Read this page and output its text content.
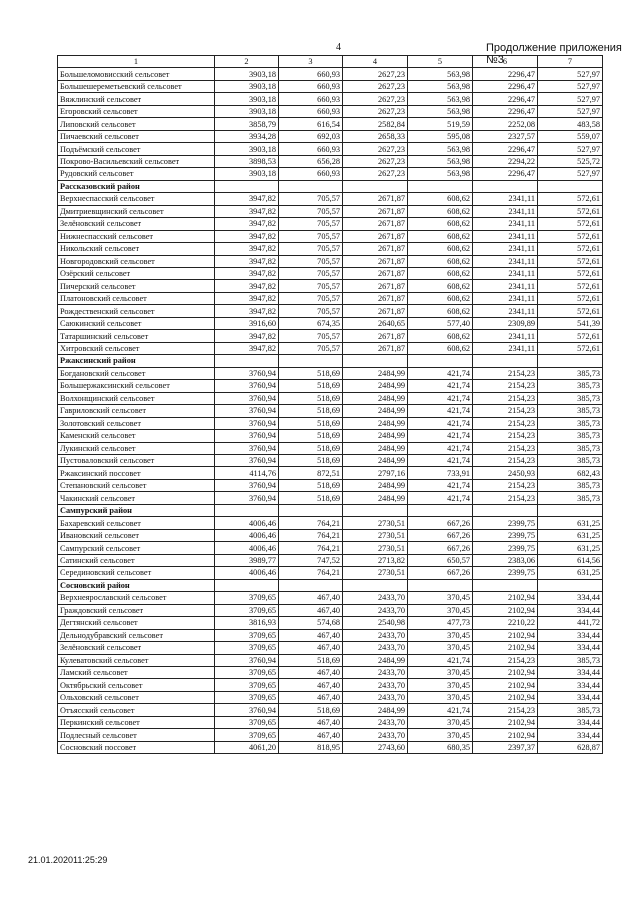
4	Продолжение приложения №3
1	2	3	4	5	6	7
Большеломовисский сельсовет	3903,18	660,93	2627,23	563,98	2296,47	527,97
Большешереметьевский сельсовет	3903,18	660,93	2627,23	563,98	2296,47	527,97
Вяжлинский сельсовет	3903,18	660,93	2627,23	563,98	2296,47	527,97
Егоровский сельсовет	3903,18	660,93	2627,23	563,98	2296,47	527,97
Липовский сельсовет	3858,79	616,54	2582,84	519,59	2252,08	483,58
Пичаевский сельсовет	3934,28	692,03	2658,33	595,08	2327,57	559,07
Подъёмский сельсовет	3903,18	660,93	2627,23	563,98	2296,47	527,97
Покрово-Васильевский сельсовет	3898,53	656,28	2627,23	563,98	2294,22	525,72
Рудовский сельсовет	3903,18	660,93	2627,23	563,98	2296,47	527,97
Рассказовский район						
Верхнеспасский сельсовет	3947,82	705,57	2671,87	608,62	2341,11	572,61
Дмитриевщинский сельсовет	3947,82	705,57	2671,87	608,62	2341,11	572,61
Зелёновский сельсовет	3947,82	705,57	2671,87	608,62	2341,11	572,61
Нижнеспасский сельсовет	3947,82	705,57	2671,87	608,62	2341,11	572,61
Никольский сельсовет	3947,82	705,57	2671,87	608,62	2341,11	572,61
Новгородовский сельсовет	3947,82	705,57	2671,87	608,62	2341,11	572,61
Озёрский сельсовет	3947,82	705,57	2671,87	608,62	2341,11	572,61
Пичерский сельсовет	3947,82	705,57	2671,87	608,62	2341,11	572,61
Платоновский сельсовет	3947,82	705,57	2671,87	608,62	2341,11	572,61
Рождественский сельсовет	3947,82	705,57	2671,87	608,62	2341,11	572,61
Саюкинский сельсовет	3916,60	674,35	2640,65	577,40	2309,89	541,39
Татаршинский сельсовет	3947,82	705,57	2671,87	608,62	2341,11	572,61
Хитровский сельсовет	3947,82	705,57	2671,87	608,62	2341,11	572,61
Ржаксинский район						
Богдановский сельсовет	3760,94	518,69	2484,99	421,74	2154,23	385,73
Большержаксинский сельсовет	3760,94	518,69	2484,99	421,74	2154,23	385,73
Волхонщинский сельсовет	3760,94	518,69	2484,99	421,74	2154,23	385,73
Гавриловский сельсовет	3760,94	518,69	2484,99	421,74	2154,23	385,73
Золотовский сельсовет	3760,94	518,69	2484,99	421,74	2154,23	385,73
Каменский сельсовет	3760,94	518,69	2484,99	421,74	2154,23	385,73
Лукинский сельсовет	3760,94	518,69	2484,99	421,74	2154,23	385,73
Пустоваловский сельсовет	3760,94	518,69	2484,99	421,74	2154,23	385,73
Ржаксинский поссовет	4114,76	872,51	2797,16	733,91	2450,93	682,43
Степановский сельсовет	3760,94	518,69	2484,99	421,74	2154,23	385,73
Чакинский сельсовет	3760,94	518,69	2484,99	421,74	2154,23	385,73
Сампурский район						
Бахаревский сельсовет	4006,46	764,21	2730,51	667,26	2399,75	631,25
Ивановский сельсовет	4006,46	764,21	2730,51	667,26	2399,75	631,25
Сампурский сельсовет	4006,46	764,21	2730,51	667,26	2399,75	631,25
Сатинский сельсовет	3989,77	747,52	2713,82	650,57	2383,06	614,56
Серединовский сельсовет	4006,46	764,21	2730,51	667,26	2399,75	631,25
Сосновский район						
Верхнеярославский сельсовет	3709,65	467,40	2433,70	370,45	2102,94	334,44
Граждовский сельсовет	3709,65	467,40	2433,70	370,45	2102,94	334,44
Дегтянский сельсовет	3816,93	574,68	2540,98	477,73	2210,22	441,72
Дельнодубравский сельсовет	3709,65	467,40	2433,70	370,45	2102,94	334,44
Зелёновский сельсовет	3709,65	467,40	2433,70	370,45	2102,94	334,44
Кулеватовский сельсовет	3760,94	518,69	2484,99	421,74	2154,23	385,73
Ламский сельсовет	3709,65	467,40	2433,70	370,45	2102,94	334,44
Октябрьский сельсовет	3709,65	467,40	2433,70	370,45	2102,94	334,44
Ольховский сельсовет	3709,65	467,40	2433,70	370,45	2102,94	334,44
Отъясский сельсовет	3760,94	518,69	2484,99	421,74	2154,23	385,73
Перкинский сельсовет	3709,65	467,40	2433,70	370,45	2102,94	334,44
Подлесный сельсовет	3709,65	467,40	2433,70	370,45	2102,94	334,44
Сосновский поссовет	4061,20	818,95	2743,60	680,35	2397,37	628,87
21.01.202011:25:29
